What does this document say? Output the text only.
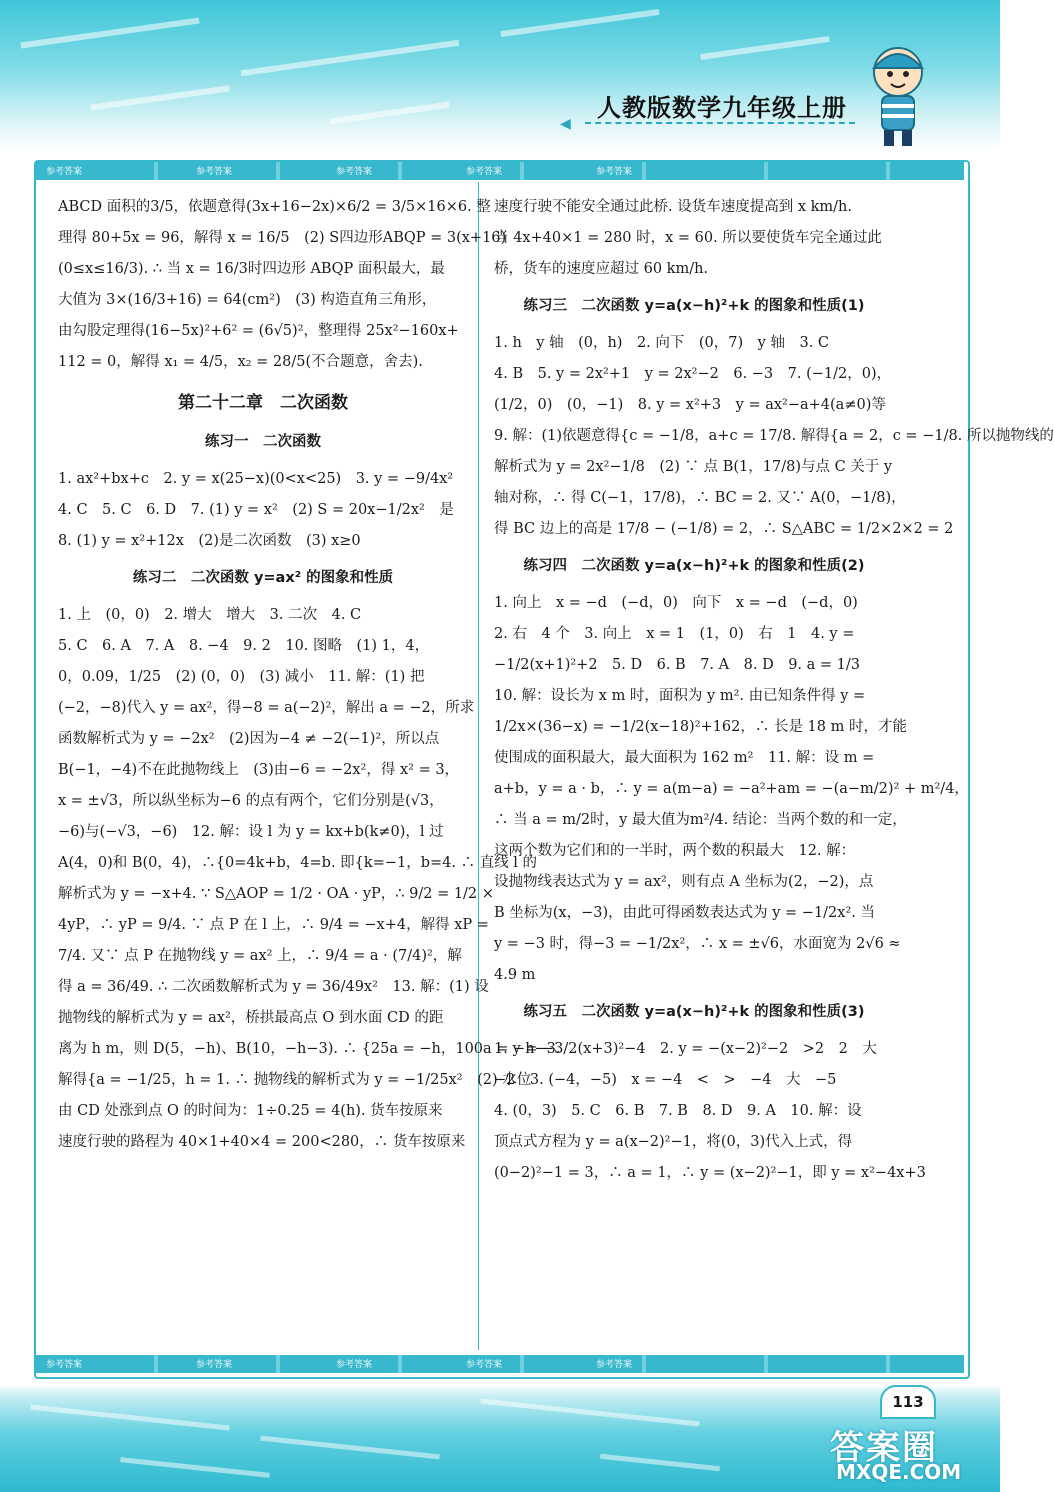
人教版数学九年级上册
◀
参考答案	参考答案	参考答案	参考答案	参考答案
ABCD 面积的3/5，依题意得(3x+16−2x)×6/2 = 3/5×16×6. 整
理得 80+5x = 96，解得 x = 16/5　(2) S四边形ABQP = 3(x+16)
(0≤x≤16/3). ∴ 当 x = 16/3时四边形 ABQP 面积最大，最
大值为 3×(16/3+16) = 64(cm²)　(3) 构造直角三角形，
由勾股定理得(16−5x)²+6² = (6√5)²，整理得 25x²−160x+
112 = 0，解得 x₁ = 4/5，x₂ = 28/5(不合题意，舍去).
第二十二章　二次函数
练习一　二次函数
1. ax²+bx+c　2. y = x(25−x)(0<x<25)　3. y = −9/4x²
4. C　5. C　6. D　7. (1) y = x²　(2) S = 20x−1/2x²　是
8. (1) y = x²+12x　(2)是二次函数　(3) x≥0
练习二　二次函数 y=ax² 的图象和性质
1. 上　(0，0)　2. 增大　增大　3. 二次　4. C
5. C　6. A　7. A　8. −4　9. 2　10. 图略　(1) 1，4，
0，0.09，1/25　(2) (0，0)　(3) 减小　11. 解：(1) 把
(−2，−8)代入 y = ax²，得−8 = a(−2)²，解出 a = −2，所求
函数解析式为 y = −2x²　(2)因为−4 ≠ −2(−1)²，所以点
B(−1，−4)不在此抛物线上　(3)由−6 = −2x²，得 x² = 3，
x = ±√3，所以纵坐标为−6 的点有两个，它们分别是(√3，
−6)与(−√3，−6)　12. 解：设 l 为 y = kx+b(k≠0)，l 过
A(4，0)和 B(0，4)，∴{0=4k+b，4=b. 即{k=−1，b=4. ∴ 直线 l 的
解析式为 y = −x+4. ∵ S△AOP = 1/2 · OA · yP，∴ 9/2 = 1/2 ×
4yP，∴ yP = 9/4. ∵ 点 P 在 l 上，∴ 9/4 = −x+4，解得 xP =
7/4. 又∵ 点 P 在抛物线 y = ax² 上，∴ 9/4 = a · (7/4)²，解
得 a = 36/49. ∴ 二次函数解析式为 y = 36/49x²　13. 解：(1) 设
抛物线的解析式为 y = ax²，桥拱最高点 O 到水面 CD 的距
离为 h m，则 D(5，−h)、B(10，−h−3). ∴ {25a = −h，100a = −h−3.
解得{a = −1/25，h = 1. ∴ 抛物线的解析式为 y = −1/25x²　(2) 水位
由 CD 处涨到点 O 的时间为：1÷0.25 = 4(h). 货车按原来
速度行驶的路程为 40×1+40×4 = 200<280，∴ 货车按原来
速度行驶不能安全通过此桥. 设货车速度提高到 x km/h.
当 4x+40×1 = 280 时，x = 60. 所以要使货车完全通过此
桥，货车的速度应超过 60 km/h.
练习三　二次函数 y=a(x−h)²+k 的图象和性质(1)
1. h　y 轴　(0，h)　2. 向下　(0，7)　y 轴　3. C
4. B　5. y = 2x²+1　y = 2x²−2　6. −3　7. (−1/2，0)，
(1/2，0)　(0，−1)　8. y = x²+3　y = ax²−a+4(a≠0)等
9. 解：(1)依题意得{c = −1/8，a+c = 17/8. 解得{a = 2，c = −1/8. 所以抛物线的
解析式为 y = 2x²−1/8　(2) ∵ 点 B(1，17/8)与点 C 关于 y
轴对称，∴ 得 C(−1，17/8)，∴ BC = 2. 又∵ A(0，−1/8)，
得 BC 边上的高是 17/8 − (−1/8) = 2，∴ S△ABC = 1/2×2×2 = 2
练习四　二次函数 y=a(x−h)²+k 的图象和性质(2)
1. 向上　x = −d　(−d，0)　向下　x = −d　(−d，0)
2. 右　4 个　3. 向上　x = 1　(1，0)　右　1　4. y =
−1/2(x+1)²+2　5. D　6. B　7. A　8. D　9. a = 1/3
10. 解：设长为 x m 时，面积为 y m². 由已知条件得 y =
1/2x×(36−x) = −1/2(x−18)²+162，∴ 长是 18 m 时，才能
使围成的面积最大，最大面积为 162 m²　11. 解：设 m =
a+b，y = a · b，∴ y = a(m−a) = −a²+am = −(a−m/2)² + m²/4，
∴ 当 a = m/2时，y 最大值为m²/4. 结论：当两个数的和一定，
这两个数为它们和的一半时，两个数的积最大　12. 解：
设抛物线表达式为 y = ax²，则有点 A 坐标为(2，−2)，点
B 坐标为(x，−3)，由此可得函数表达式为 y = −1/2x². 当
y = −3 时，得−3 = −1/2x²，∴ x = ±√6，水面宽为 2√6 ≈
4.9 m
练习五　二次函数 y=a(x−h)²+k 的图象和性质(3)
1. y = −3/2(x+3)²−4　2. y = −(x−2)²−2　>2　2　大
−2　3. (−4，−5)　x = −4　<　>　−4　大　−5
4. (0，3)　5. C　6. B　7. B　8. D　9. A　10. 解：设
顶点式方程为 y = a(x−2)²−1，将(0，3)代入上式，得
(0−2)²−1 = 3，∴ a = 1，∴ y = (x−2)²−1，即 y = x²−4x+3
参考答案	参考答案	参考答案	参考答案	参考答案
113
答案圈
MXQE.COM
